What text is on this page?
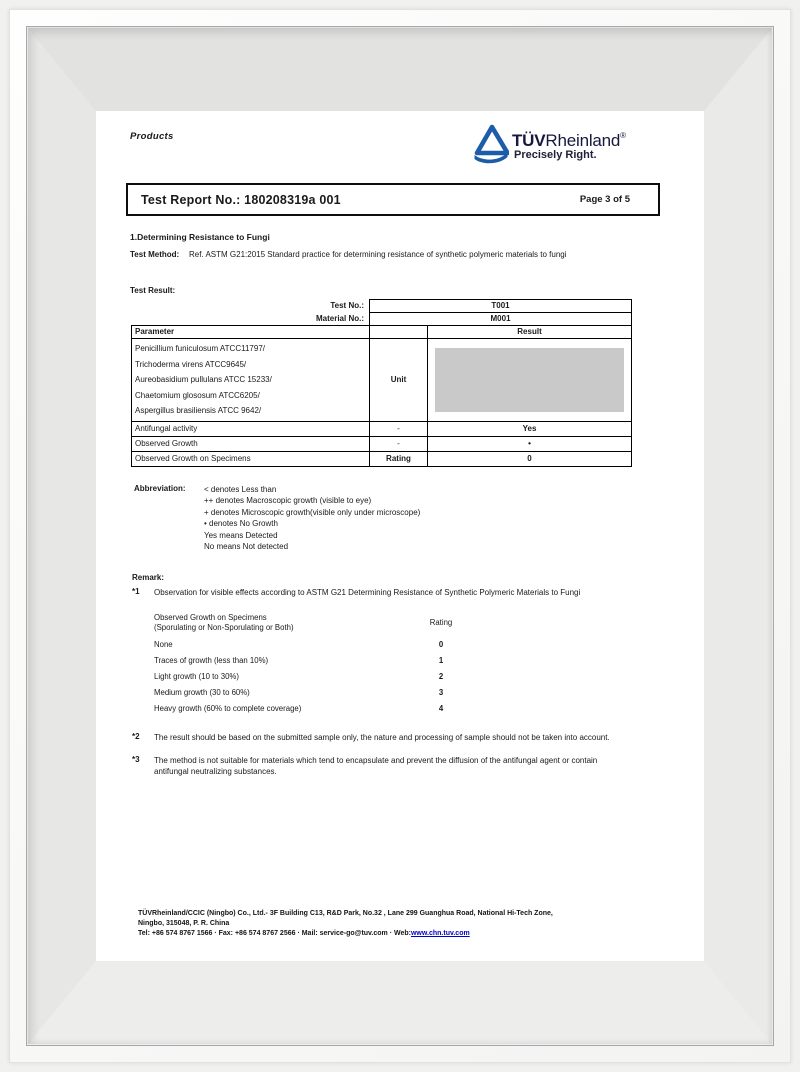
Products	TÜVRheinland®
Precisely Right.
Test Report No.: 180208319a 001	Page 3 of 5
1.Determining Resistance to Fungi
Test Method: Ref. ASTM G21:2015 Standard practice for determining resistance of synthetic polymeric materials to fungi
Test Result:
Test No.:	T001	
Material No.:	M001	
Parameter		Result

Penicillium funiculosum ATCC11797/
Trichoderma virens ATCC9645/
Aureobasidium pullulans ATCC 15233/
Chaetomium glososum ATCC6205/
Aspergillus brasiliensis ATCC 9642/	Unit	

Antifungal activity	-	Yes
Observed Growth	-	•
Observed Growth on Specimens	Rating	0
Abbreviation: < denotes Less than
++ denotes Macroscopic growth (visible to eye)
+ denotes Microscopic growth(visible only under microscope)
• denotes No Growth
Yes means Detected
No means Not detected
Remark:
*1 Observation for visible effects according to ASTM G21 Determining Resistance of Synthetic Polymeric Materials to Fungi
Observed Growth on Specimens
(Sporulating or Non-Sporulating or Both)
Rating
None	0
Traces of growth (less than 10%)	1
Light growth (10 to 30%)	2
Medium growth (30 to 60%)	3
Heavy growth (60% to complete coverage)	4
*2 The result should be based on the submitted sample only, the nature and processing of sample should not be taken into account.
*3 The method is not suitable for materials which tend to encapsulate and prevent the diffusion of the antifungal agent or contain antifungal neutralizing substances.
TÜVRheinland/CCIC (Ningbo) Co., Ltd.- 3F Building C13, R&D Park, No.32 , Lane 299 Guanghua Road, National Hi-Tech Zone,
Ningbo, 315048, P. R. China
Tel: +86 574 8767 1566 · Fax: +86 574 8767 2566 · Mail: service-go@tuv.com · Web:www.chn.tuv.com
